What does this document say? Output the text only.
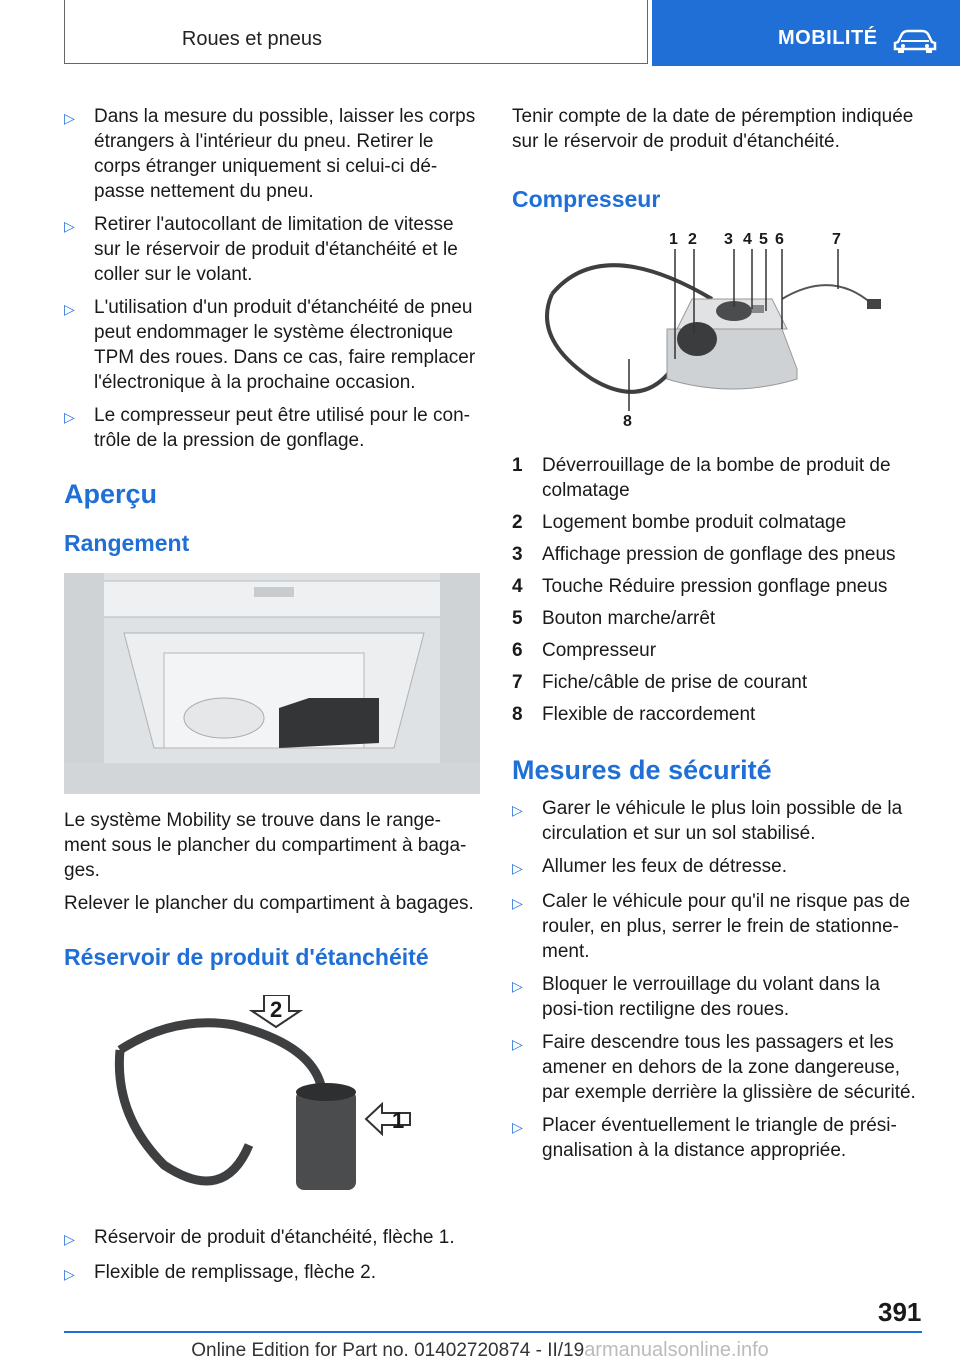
Roues et pneus	MOBILITÉ
▷	Dans la mesure du possible, laisser les corps étrangers à l'intérieur du pneu. Retirer le corps étranger uniquement si celui-ci dé-passe nettement du pneu.
▷	Retirer l'autocollant de limitation de vitesse sur le réservoir de produit d'étanchéité et le coller sur le volant.
▷	L'utilisation d'un produit d'étanchéité de pneu peut endommager le système électronique TPM des roues. Dans ce cas, faire remplacer l'électronique à la prochaine occasion.
▷	Le compresseur peut être utilisé pour le con-trôle de la pression de gonflage.
Aperçu
Rangement

Le système Mobility se trouve dans le range-ment sous le plancher du compartiment à baga-ges.

Relever le plancher du compartiment à bagages.

Réservoir de produit d'étanchéité
2
1
▷	Réservoir de produit d'étanchéité, flèche 1.
▷	Flexible de remplissage, flèche 2.

Tenir compte de la date de péremption indiquée sur le réservoir de produit d'étanchéité.

Compresseur
1 2 3 4 5 6	7
8
1	Déverrouillage de la bombe de produit de colmatage
2	Logement bombe produit colmatage
3	Affichage pression de gonflage des pneus
4	Touche Réduire pression gonflage pneus
5	Bouton marche/arrêt
6	Compresseur
7	Fiche/câble de prise de courant
8	Flexible de raccordement
Mesures de sécurité
▷	Garer le véhicule le plus loin possible de la circulation et sur un sol stabilisé.
▷	Allumer les feux de détresse.
▷	Caler le véhicule pour qu'il ne risque pas de rouler, en plus, serrer le frein de stationne-ment.
▷	Bloquer le verrouillage du volant dans la posi-tion rectiligne des roues.
▷	Faire descendre tous les passagers et les amener en dehors de la zone dangereuse, par exemple derrière la glissière de sécurité.
▷	Placer éventuellement le triangle de prési-gnalisation à la distance appropriée.
391
Online Edition for Part no. 01402720874 - II/19armanualsonline.info
